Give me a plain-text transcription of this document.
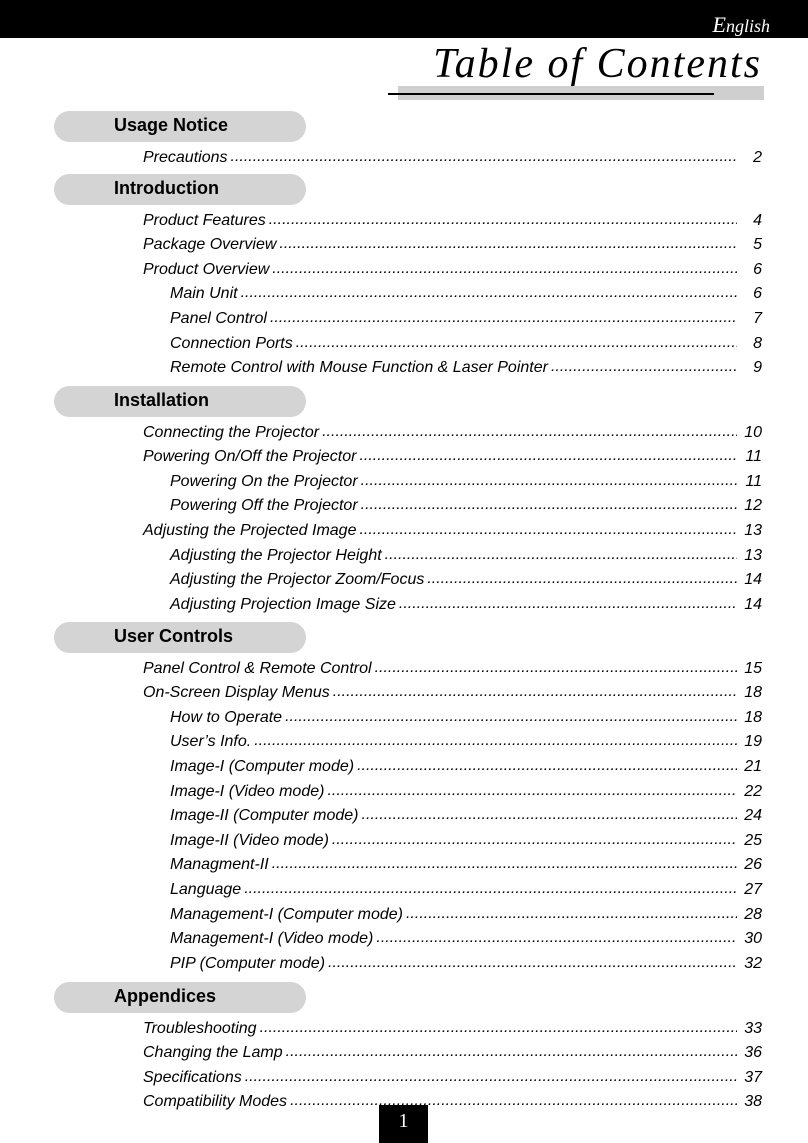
English
Table of Contents
Usage Notice
Precautions .....	2
Introduction
Product Features .....	4
Package Overview .....	5
Product Overview .....	6
Main Unit .....	6
Panel Control .....	7
Connection Ports .....	8
Remote Control with Mouse Function & Laser Pointer .....	9
Installation
Connecting the Projector .....	10
Powering On/Off the Projector .....	11
Powering On the Projector .....	11
Powering Off the Projector .....	12
Adjusting the Projected Image .....	13
Adjusting the Projector Height .....	13
Adjusting the Projector Zoom/Focus .....	14
Adjusting Projection Image Size .....	14
User Controls
Panel Control & Remote Control .....	15
On-Screen Display Menus .....	18
How to Operate .....	18
User’s Info. .....	19
Image-I (Computer mode) .....	21
Image-I (Video mode) .....	22
Image-II (Computer mode) .....	24
Image-II (Video mode) .....	25
Managment-II .....	26
Language .....	27
Management-I (Computer mode) .....	28
Management-I (Video mode) .....	30
PIP (Computer mode) .....	32
Appendices
Troubleshooting .....	33
Changing the Lamp .....	36
Specifications .....	37
Compatibility Modes .....	38
1
